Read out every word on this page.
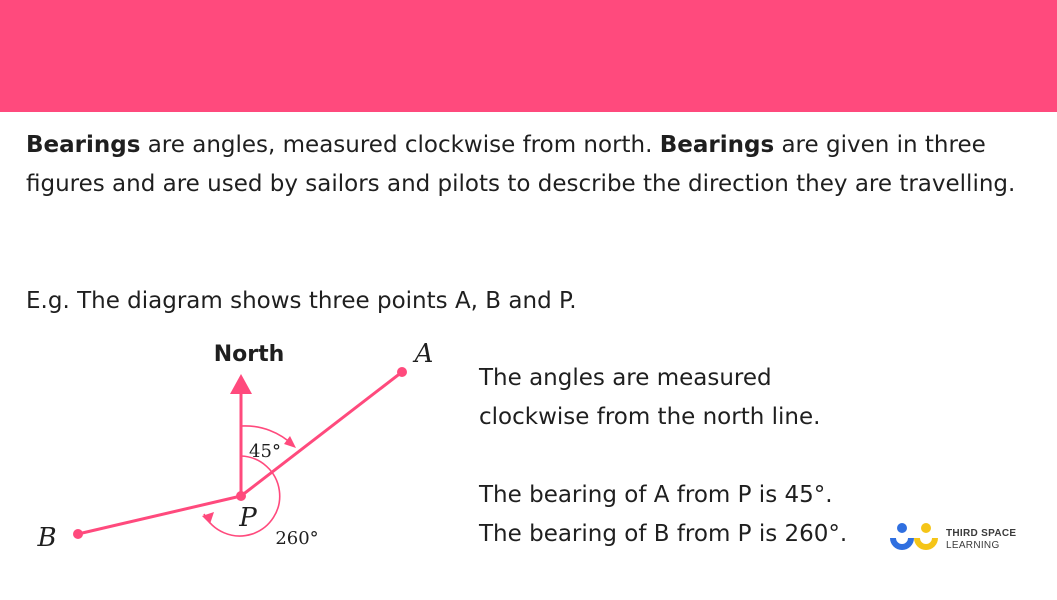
Bearings are angles, measured clockwise from north. Bearings are given in three figures and are used by sailors and pilots to describe the direction they are travelling.

E.g. The diagram shows three points A, B and P.

North	A
B
P
45°
260°

The angles are measured

clockwise from the north line.

The bearing of A from P is 45°.

The bearing of B from P is 260°.	THIRD SPACE
LEARNING
